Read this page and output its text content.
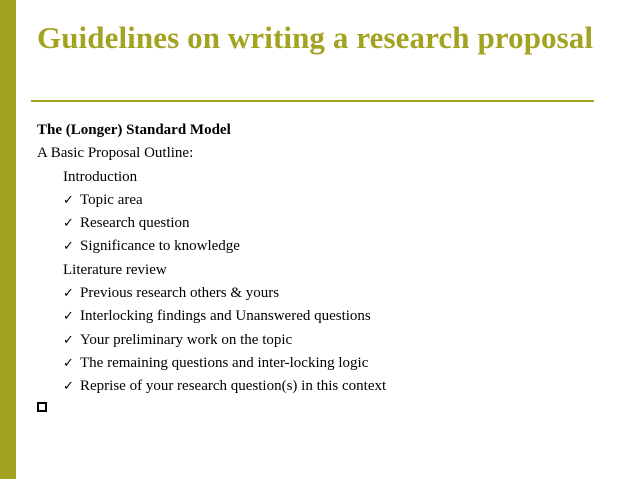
Guidelines on writing a research proposal
The (Longer) Standard Model
A Basic Proposal Outline:
Introduction
✓ Topic area
✓ Research question
✓ Significance to knowledge
Literature review
✓ Previous research others & yours
✓ Interlocking findings and Unanswered questions
✓ Your preliminary work on the topic
✓ The remaining questions and inter-locking logic
✓ Reprise of your research question(s) in this context
